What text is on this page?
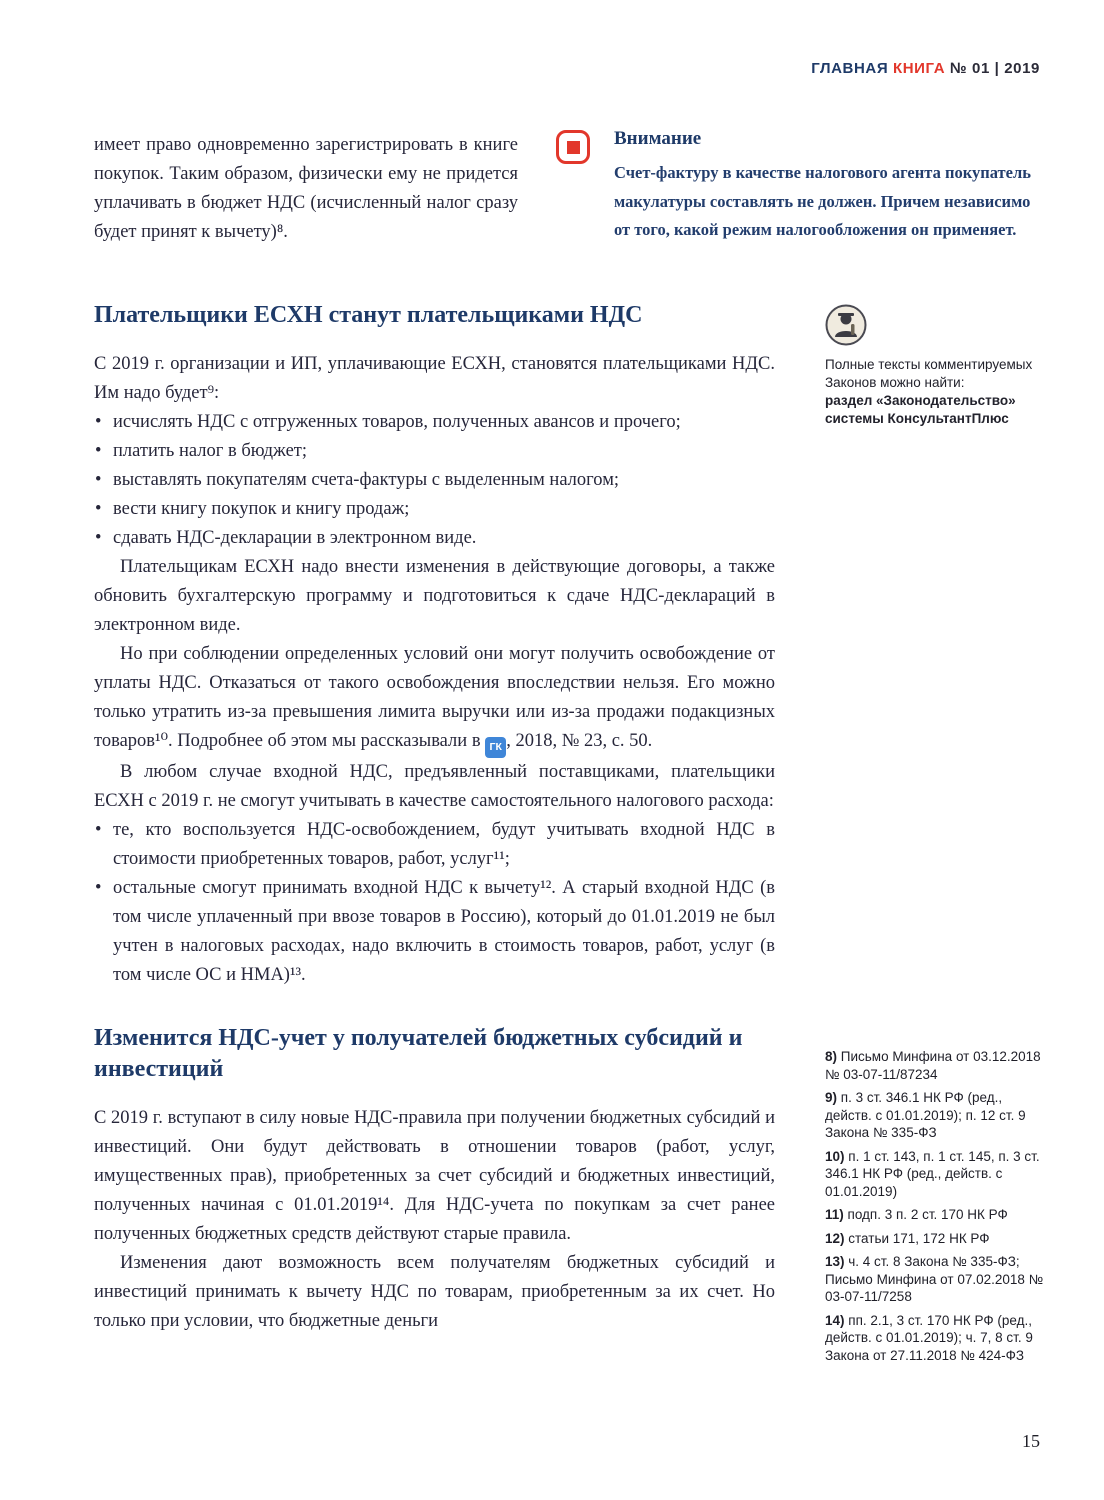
ГЛАВНАЯ КНИГА № 01 | 2019

имеет право одновременно зарегистрировать в книге покупок. Таким образом, физически ему не придется уплачивать в бюджет НДС (исчисленный налог сразу будет принят к вычету)⁸.

Внимание
Счет-фактуру в качестве налогового агента покупатель макулатуры составлять не должен. Причем независимо от того, какой режим налогообложения он применяет.
Полные тексты комментируемых Законов можно найти:
раздел «Законодательство» системы КонсультантПлюс
Плательщики ЕСХН станут плательщиками НДС

С 2019 г. организации и ИП, уплачивающие ЕСХН, становятся плательщиками НДС. Им надо будет⁹:

• исчислять НДС с отгруженных товаров, полученных авансов и прочего;
• платить налог в бюджет;
• выставлять покупателям счета-фактуры с выделенным налогом;
• вести книгу покупок и книгу продаж;
• сдавать НДС-декларации в электронном виде.

Плательщикам ЕСХН надо внести изменения в действующие договоры, а также обновить бухгалтерскую программу и подготовиться к сдаче НДС-деклараций в электронном виде.

Но при соблюдении определенных условий они могут получить освобождение от уплаты НДС. Отказаться от такого освобождения впоследствии нельзя. Его можно только утратить из-за превышения лимита выручки или из-за продажи подакцизных товаров¹⁰. Подробнее об этом мы рассказывали в ГК , 2018, № 23, с. 50.

В любом случае входной НДС, предъявленный поставщиками, плательщики ЕСХН с 2019 г. не смогут учитывать в качестве самостоятельного налогового расхода:

• те, кто воспользуется НДС-освобождением, будут учитывать входной НДС в стоимости приобретенных товаров, работ, услуг¹¹;
• остальные смогут принимать входной НДС к вычету¹². А старый входной НДС (в том числе уплаченный при ввозе товаров в Россию), который до 01.01.2019 не был учтен в налоговых расходах, надо включить в стоимость товаров, работ, услуг (в том числе ОС и НМА)¹³.
Изменится НДС-учет у получателей бюджетных субсидий и инвестиций

С 2019 г. вступают в силу новые НДС-правила при получении бюджетных субсидий и инвестиций. Они будут действовать в отношении товаров (работ, услуг, имущественных прав), приобретенных за счет субсидий и бюджетных инвестиций, полученных начиная с 01.01.2019¹⁴. Для НДС-учета по покупкам за счет ранее полученных бюджетных средств действуют старые правила.

Изменения дают возможность всем получателям бюджетных субсидий и инвестиций принимать к вычету НДС по товарам, приобретенным за их счет. Но только при условии, что бюджетные деньги

8) Письмо Минфина от 03.12.2018 № 03-07-11/87234
9) п. 3 ст. 346.1 НК РФ (ред., действ. с 01.01.2019); п. 12 ст. 9 Закона № 335-ФЗ
10) п. 1 ст. 143, п. 1 ст. 145, п. 3 ст. 346.1 НК РФ (ред., действ. с 01.01.2019)
11) подп. 3 п. 2 ст. 170 НК РФ
12) статьи 171, 172 НК РФ
13) ч. 4 ст. 8 Закона № 335-ФЗ; Письмо Минфина от 07.02.2018 № 03-07-11/7258
14) пп. 2.1, 3 ст. 170 НК РФ (ред., действ. с 01.01.2019); ч. 7, 8 ст. 9 Закона от 27.11.2018 № 424-ФЗ
15
